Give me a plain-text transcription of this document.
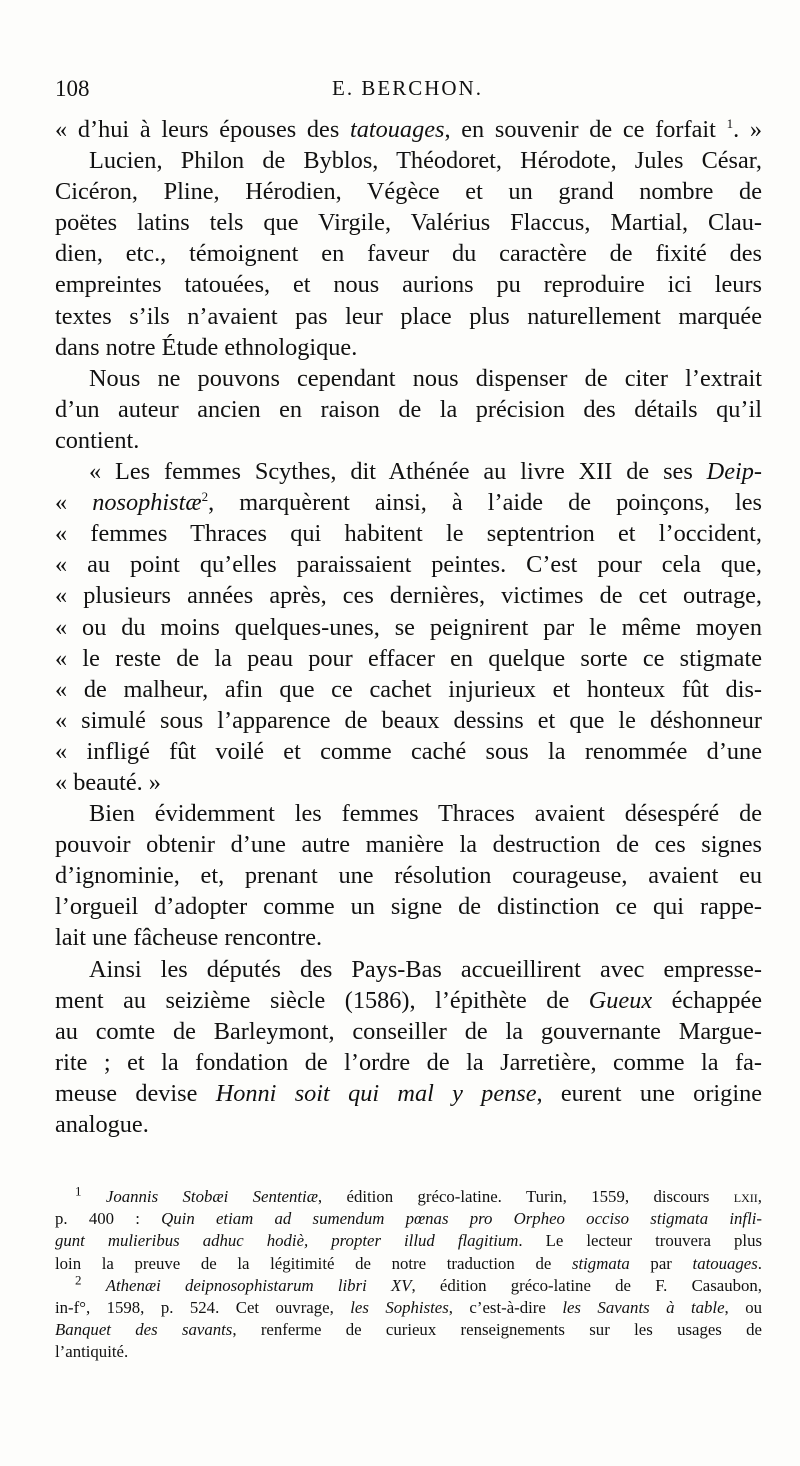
108	E. BERCHON.
« d’hui à leurs épouses des tatouages, en souvenir de ce forfait $^1$. »
Lucien, Philon de Byblos, Théodoret, Hérodote, Jules César,
Cicéron, Pline, Hérodien, Végèce et un grand nombre de
poëtes latins tels que Virgile, Valérius Flaccus, Martial, Clau-
dien, etc., témoignent en faveur du caractère de fixité des
empreintes tatouées, et nous aurions pu reproduire ici leurs
textes s’ils n’avaient pas leur place plus naturellement marquée
dans notre Étude ethnologique.
Nous ne pouvons cependant nous dispenser de citer l’extrait
d’un auteur ancien en raison de la précision des détails qu’il
contient.
« Les femmes Scythes, dit Athénée au livre XII de ses Deip-
« nosophistæ$^2$, marquèrent ainsi, à l’aide de poinçons, les
« femmes Thraces qui habitent le septentrion et l’occident,
« au point qu’elles paraissaient peintes. C’est pour cela que,
« plusieurs années après, ces dernières, victimes de cet outrage,
« ou du moins quelques-unes, se peignirent par le même moyen
« le reste de la peau pour effacer en quelque sorte ce stigmate
« de malheur, afin que ce cachet injurieux et honteux fût dis-
« simulé sous l’apparence de beaux dessins et que le déshonneur
« infligé fût voilé et comme caché sous la renommée d’une
« beauté. »
Bien évidemment les femmes Thraces avaient désespéré de
pouvoir obtenir d’une autre manière la destruction de ces signes
d’ignominie, et, prenant une résolution courageuse, avaient eu
l’orgueil d’adopter comme un signe de distinction ce qui rappe-
lait une fâcheuse rencontre.
Ainsi les députés des Pays-Bas accueillirent avec empresse-
ment au seizième siècle (1586), l’épithète de Gueux échappée
au comte de Barleymont, conseiller de la gouvernante Margue-
rite ; et la fondation de l’ordre de la Jarretière, comme la fa-
meuse devise Honni soit qui mal y pense, eurent une origine
analogue.
$^1$ Joannis Stobæi Sententiæ, édition gréco-latine. Turin, 1559, discours lxii,
p. 400 : Quin etiam ad sumendum pœnas pro Orpheo occiso stigmata infli-
gunt mulieribus adhuc hodiè, propter illud flagitium. Le lecteur trouvera plus
loin la preuve de la légitimité de notre traduction de stigmata par tatouages.
$^2$ Athenæi deipnosophistarum libri XV, édition gréco-latine de F. Casaubon,
in-f°, 1598, p. 524. Cet ouvrage, les Sophistes, c’est-à-dire les Savants à table, ou
Banquet des savants, renferme de curieux renseignements sur les usages de
l’antiquité.
